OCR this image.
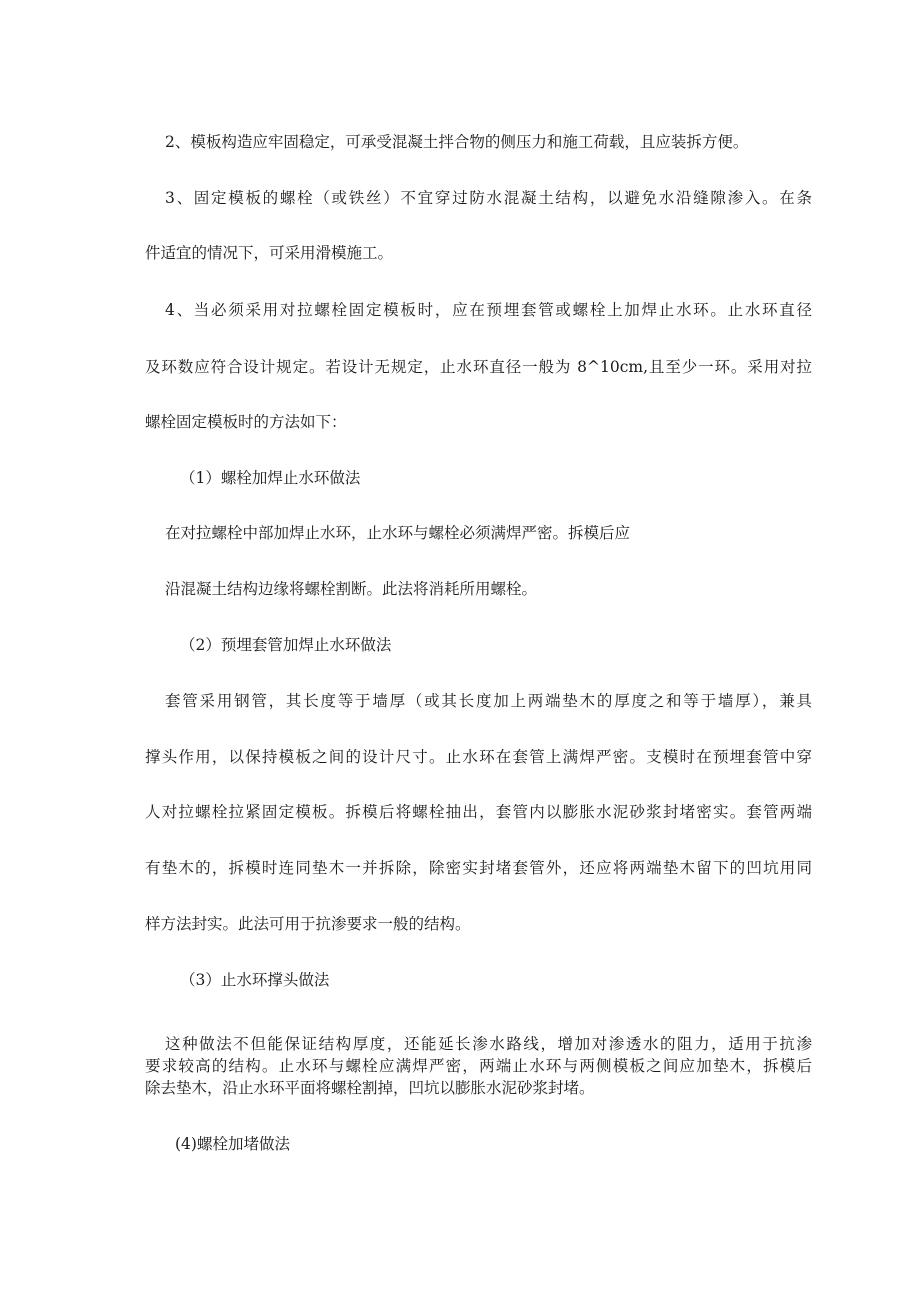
2、模板构造应牢固稳定，可承受混凝土拌合物的侧压力和施工荷载，且应装拆方便。
3、固定模板的螺栓（或铁丝）不宜穿过防水混凝土结构，以避免水沿缝隙渗入。在条
件适宜的情况下，可采用滑模施工。
4、当必须采用对拉螺栓固定模板时，应在预埋套管或螺栓上加焊止水环。止水环直径
及环数应符合设计规定。若设计无规定，止水环直径一般为 8^10cm,且至少一环。采用对拉
螺栓固定模板时的方法如下：
（1）螺栓加焊止水环做法
在对拉螺栓中部加焊止水环，止水环与螺栓必须满焊严密。拆模后应
沿混凝土结构边缘将螺栓割断。此法将消耗所用螺栓。
（2）预埋套管加焊止水环做法
套管采用钢管，其长度等于墙厚（或其长度加上两端垫木的厚度之和等于墙厚），兼具
撑头作用，以保持模板之间的设计尺寸。止水环在套管上满焊严密。支模时在预埋套管中穿
人对拉螺栓拉紧固定模板。拆模后将螺栓抽出，套管内以膨胀水泥砂浆封堵密实。套管两端
有垫木的，拆模时连同垫木一并拆除，除密实封堵套管外，还应将两端垫木留下的凹坑用同
样方法封实。此法可用于抗渗要求一般的结构。
（3）止水环撑头做法
这种做法不但能保证结构厚度，还能延长渗水路线，增加对渗透水的阻力，适用于抗渗
要求较高的结构。止水环与螺栓应满焊严密，两端止水环与两侧模板之间应加垫木，拆模后
除去垫木，沿止水环平面将螺栓割掉，凹坑以膨胀水泥砂浆封堵。
(4)螺栓加堵做法
